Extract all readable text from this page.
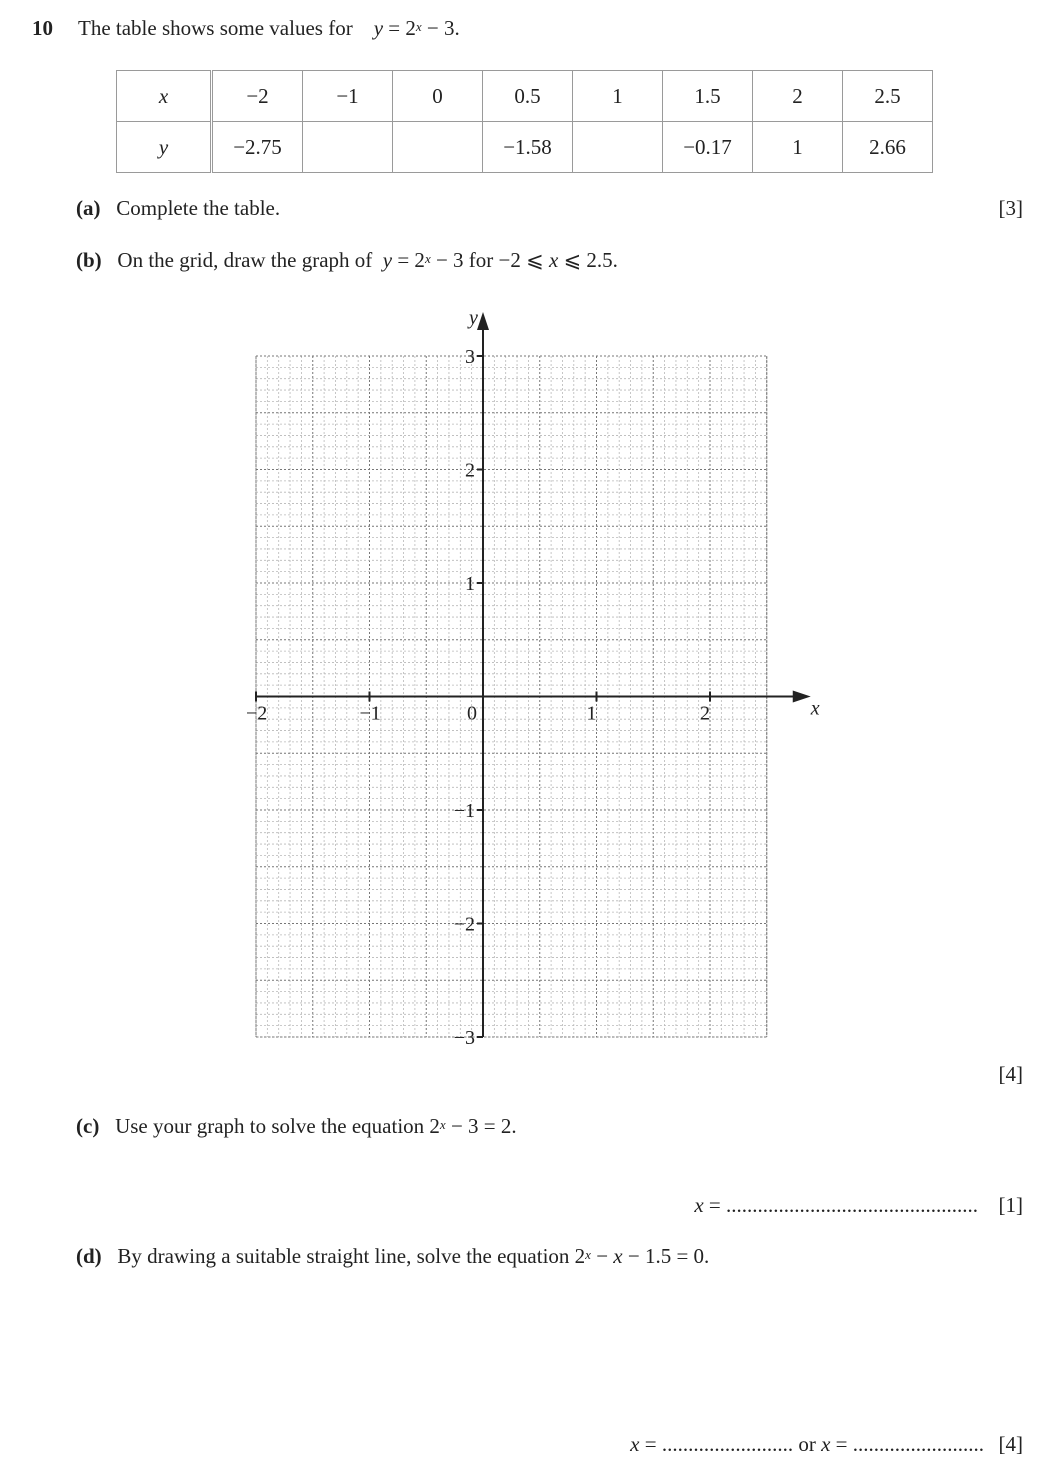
10 The table shows some values for $y = 2^x - 3$.
x	−2	−1	0	0.5	1	1.5	2	2.5
y	−2.75			−1.58		−0.17	1	2.66
(a) Complete the table.	[3]
(b) On the grid, draw the graph of $y = 2^x - 3$ for −2 ⩽ x ⩽ 2.5.
x
y
−2	−1	0	1	2
3
2
1
−1
−2
−3
[4]
(c) Use your graph to solve the equation $2^x - 3 = 2$.
x = ................................................ [1]
(d) By drawing a suitable straight line, solve the equation $2^x - x - 1.5 = 0$.
x = ......................... or x = ......................... [4]
